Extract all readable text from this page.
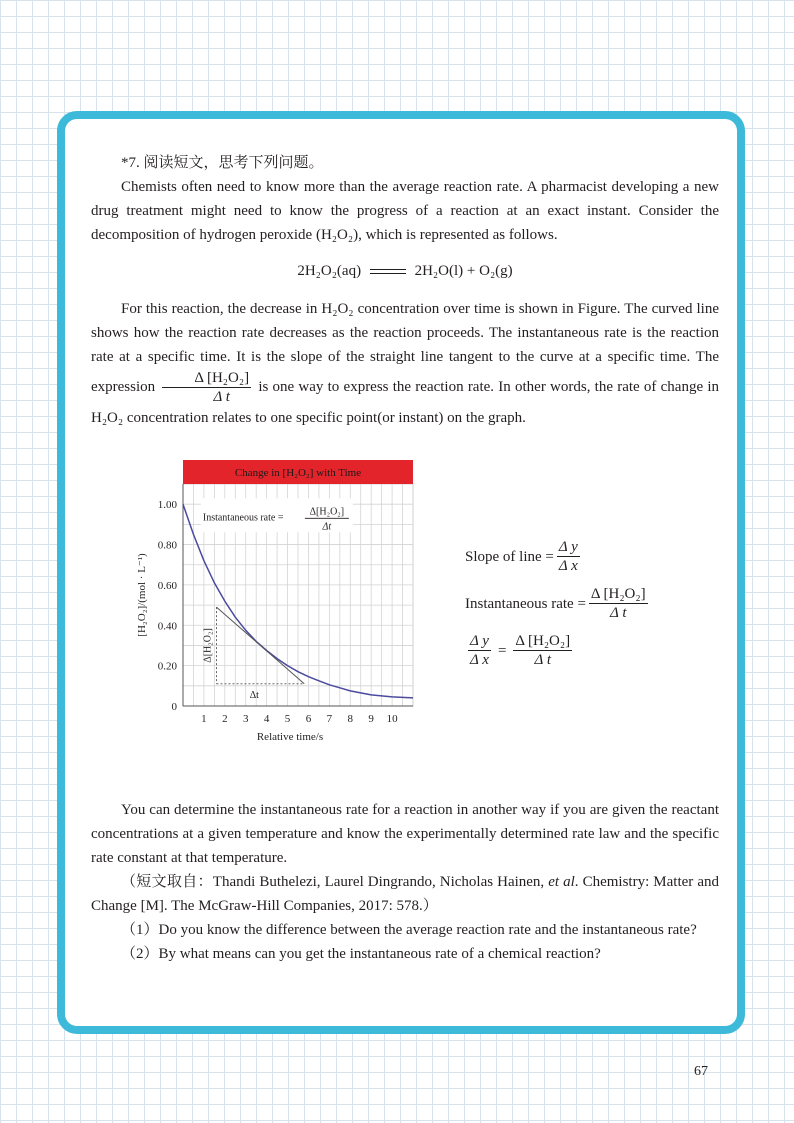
*7. 阅读短文，思考下列问题。

Chemists often need to know more than the average reaction rate. A pharmacist developing a new drug treatment might need to know the progress of a reaction at an exact instant. Consider the decomposition of hydrogen peroxide (H₂O₂), which is represented as follows.

2H₂O₂(aq)	2H₂O(l) + O₂(g)

For this reaction, the decrease in H₂O₂ concentration over time is shown in Figure. The curved line shows how the reaction rate decreases as the reaction proceeds. The instantaneous rate is the reaction rate at a specific time. It is the slope of the straight line tangent to the curve at a specific time. The expression $\frac{\text{Δ [H₂O₂]}}{\text{Δ t}}$ is one way to express the reaction rate. In other words, the rate of change in H₂O₂ concentration relates to one specific point(or instant) on the graph.

Change in [H₂O₂] with Time
1 2 3 4 5 6 7 8 9 10
0
0.20
0.40
0.60
0.80
1.00
Relative time/s
[H₂O₂]/(mol · L⁻¹)
Δ[H₂O₂]
Δt
Instantaneous rate =
Δ[H₂O₂]
Δt
Slope of line = $\frac{\text{Δ y}}{\text{Δ x}}$
Instantaneous rate = $\frac{\text{Δ [H₂O₂]}}{\text{Δ t}}$
$\frac{\text{Δ y}}{\text{Δ x}} = \frac{\text{Δ [H₂O₂]}}{\text{Δ t}}$

You can determine the instantaneous rate for a reaction in another way if you are given the reactant concentrations at a given temperature and know the experimentally determined rate law and the specific rate constant at that temperature.

（短文取自：Thandi Buthelezi, Laurel Dingrando, Nicholas Hainen, et al. Chemistry: Matter and Change [M]. The McGraw-Hill Companies, 2017: 578.）

（1）Do you know the difference between the average reaction rate and the instantaneous rate?

（2）By what means can you get the instantaneous rate of a chemical reaction?

67
